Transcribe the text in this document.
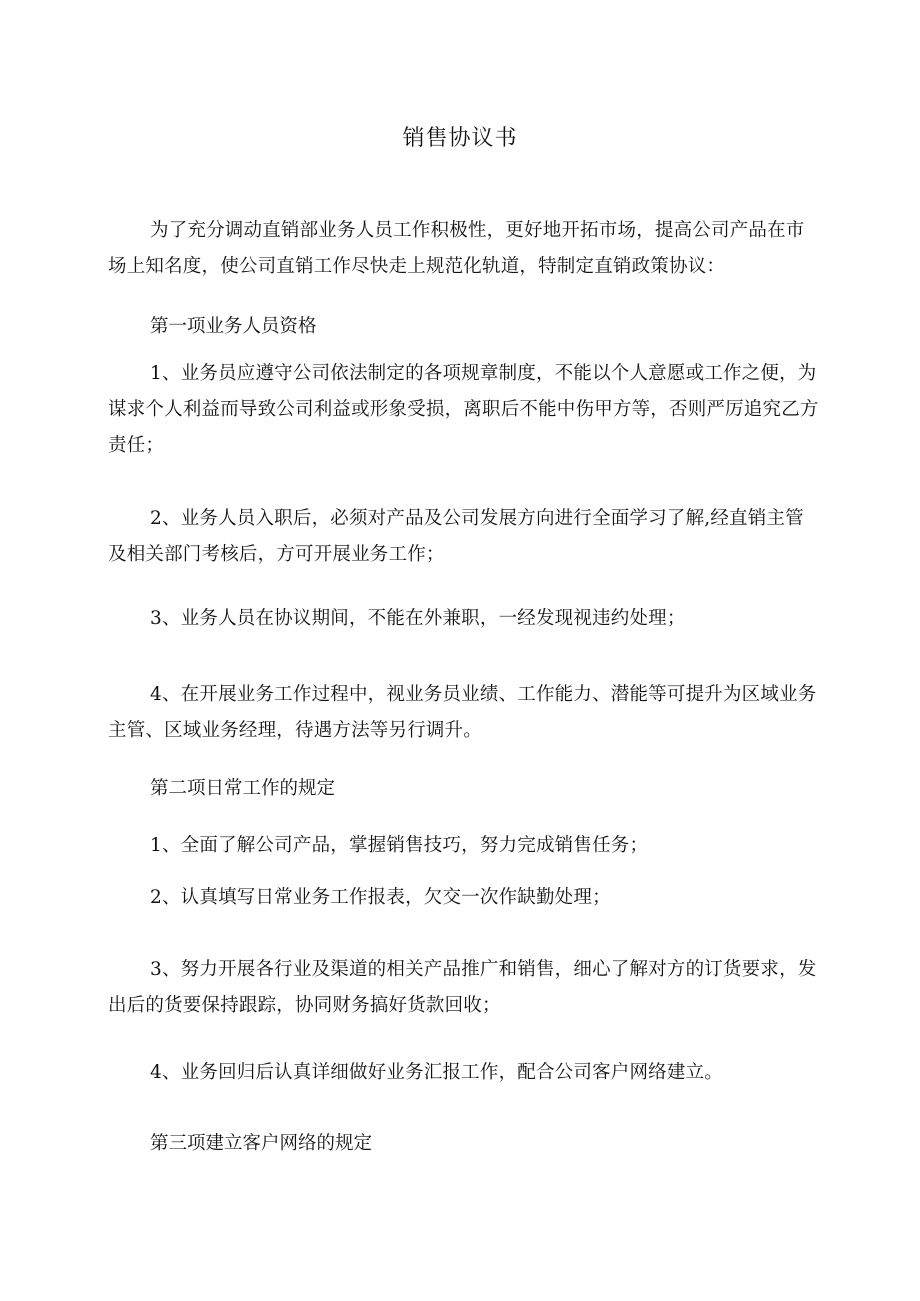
销售协议书

为了充分调动直销部业务人员工作积极性，更好地开拓市场，提高公司产品在市场上知名度，使公司直销工作尽快走上规范化轨道，特制定直销政策协议：

第一项业务人员资格

1、业务员应遵守公司依法制定的各项规章制度，不能以个人意愿或工作之便，为谋求个人利益而导致公司利益或形象受损，离职后不能中伤甲方等，否则严厉追究乙方责任；

2、业务人员入职后，必须对产品及公司发展方向进行全面学习了解,经直销主管及相关部门考核后，方可开展业务工作；

3、业务人员在协议期间，不能在外兼职，一经发现视违约处理；

4、在开展业务工作过程中，视业务员业绩、工作能力、潜能等可提升为区域业务主管、区域业务经理，待遇方法等另行调升。

第二项日常工作的规定

1、全面了解公司产品，掌握销售技巧，努力完成销售任务；

2、认真填写日常业务工作报表，欠交一次作缺勤处理；

3、努力开展各行业及渠道的相关产品推广和销售，细心了解对方的订货要求，发出后的货要保持跟踪，协同财务搞好货款回收；

4、业务回归后认真详细做好业务汇报工作，配合公司客户网络建立。

第三项建立客户网络的规定
